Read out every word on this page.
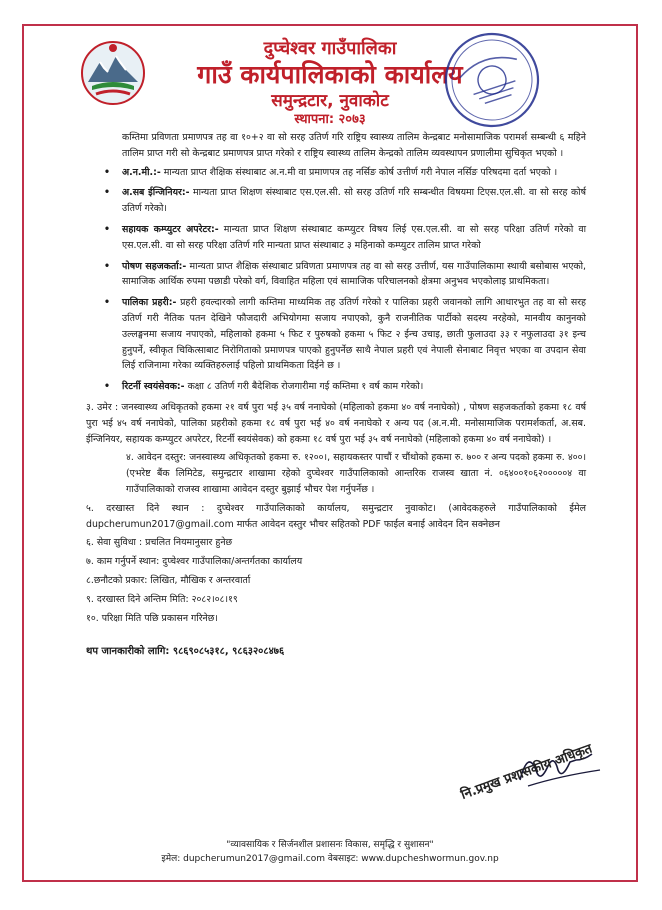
दुप्चेश्वर गाउँपालिका
गाउँ कार्यपालिकाको कार्यालय
समुन्द्रटार, नुवाकोट
स्थापना: २०७३

कम्तिमा प्रविणता प्रमाणपत्र तह वा १०+२ वा सो सरह उतिर्ण गरि राष्ट्रिय स्वास्थ्य तालिम केन्द्रबाट मनोसामाजिक परामर्श सम्बन्धी ६ महिने तालिम प्राप्त गरी सो केन्द्रबाट प्रमाणपत्र प्राप्त गरेको र राष्ट्रिय स्वास्थ्य तालिम केन्द्रको तालिम व्यवस्थापन प्रणालीमा सुचिकृत भएको ।

• अ.न.मी.:- मान्यता प्राप्त शैक्षिक संस्थाबाट अ.न.मी वा प्रमाणपत्र तह नर्सिङ कोर्ष उत्तीर्ण गरी नेपाल नर्सिङ परिषदमा दर्ता भएको ।
• अ.सब ईन्जिनियर:- मान्यता प्राप्त शिक्षण संस्थाबाट एस.एल.सी. सो सरह उतिर्ण गरि सम्बन्धीत विषयमा टिएस.एल.सी. वा सो सरह कोर्ष उतिर्ण गरेको।
• सहायक कम्प्युटर अपरेटर:- मान्यता प्राप्त शिक्षण संस्थाबाट कम्प्युटर विषय लिई एस.एल.सी. वा सो सरह परिक्षा उतिर्ण गरेको वा एस.एल.सी. वा सो सरह परिक्षा उतिर्ण गरि मान्यता प्राप्त संस्थाबाट ३ महिनाको कम्प्युटर तालिम प्राप्त गरेको
• पोषण सहजकर्ता:- मान्यता प्राप्त शैक्षिक संस्थाबाट प्रविणता प्रमाणपत्र तह वा सो सरह उत्तीर्ण, यस गाउँपालिकामा स्थायी बसोबास भएको, सामाजिक आर्थिक रुपमा पछाडी परेको वर्ग, विवाहित महिला एवं सामाजिक परिचालनको क्षेत्रमा अनुभव भएकोलाइ प्राथमिकता।
• पालिका प्रहरी:- प्रहरी हवल्दारको लागी कम्तिमा माध्यमिक तह उतिर्ण गरेको र पालिका प्रहरी जवानको लागि आधारभुत तह वा सो सरह उतिर्ण गरी नैतिक पतन देखिने फौजदारी अभियोगमा सजाय नपाएको, कुनै राजनीतिक पार्टीको सदस्य नरहेको, मानवीय कानुनको उल्लङ्घनमा सजाय नपाएको, महिलाको हकमा ५ फिट र पुरुषको हकमा ५ फिट २ ईन्च उचाइ, छाती फुलाउदा ३३ र नफुलाउदा ३१ इन्च हुनुपर्ने, स्वीकृत चिकित्साबाट निरोगिताको प्रमाणपत्र पाएको हुनुपर्नेछ साथै नेपाल प्रहरी एवं नेपाली सेनाबाट निवृत्त भएका वा उपदान सेवा लिई राजिनामा गरेका व्यक्तिहरुलाई पहिलो प्राथमिकता दिईने छ ।
• रिटर्नी स्वयंसेवक:- कक्षा ८ उतिर्ण गरी बैदेशिक रोजगारीमा गई कम्तिमा १ वर्ष काम गरेको।

३. उमेर : जनस्वास्थ्य अधिकृतको हकमा २१ वर्ष पुरा भई ३५ वर्ष ननाघेको (महिलाको हकमा ४० वर्ष ननाघेको) , पोषण सहजकर्ताको हकमा १८ वर्ष पुरा भई ४५ वर्ष ननाघेको, पालिका प्रहरीको हकमा १८ वर्ष पुरा भई ४० वर्ष ननाघेको र अन्य पद (अ.न.मी. मनोसामाजिक परामर्शकर्ता, अ.सब. ईन्जिनियर, सहायक कम्प्युटर अपरेटर, रिटर्नी स्वयंसेवक) को हकमा १८ वर्ष पुरा भई ३५ वर्ष ननाघेको (महिलाको हकमा ४० वर्ष ननाघेको) ।

४. आवेदन दस्तुर: जनस्वास्थ्य अधिकृतको हकमा रु. १२००।, सहायकस्तर पाचौं र चौंथोको हकमा रु. ७०० र अन्य पदको हकमा रु. ४००। (एभरेष्ट बैंक लिमिटेड, समुन्द्रटार शाखामा रहेको दुप्चेश्वर गाउँपालिकाको आन्तरिक राजस्व खाता नं. ०६४००१०६२०००००४ वा गाउँपालिकाको राजस्व शाखामा आवेदन दस्तुर बुझाई भौचर पेश गर्नुपर्नेछ ।

५. दरखास्त दिने स्थान : दुप्चेश्वर गाउँपालिकाको कार्यालय, समुन्द्रटार नुवाकोट। (आवेदकहरुले गाउँपालिकाको ईमेल dupcherumun2017@gmail.com मार्फत आवेदन दस्तुर भौचर सहितको PDF फाईल बनाई आवेदन दिन सक्नेछन

६. सेवा सुविधा : प्रचलित नियमानुसार हुनेछ

७. काम गर्नुपर्ने स्थान: दुप्चेश्वर गाउँपालिका/अन्तर्गतका कार्यालय

८.छनौटको प्रकार: लिखित, मौखिक र अन्तरवार्ता

९. दरखास्त दिने अन्तिम मिति: २०८२।०८।१९

१०. परिक्षा मिति पछि प्रकासन गरिनेछ।

थप जानकारीको लागि: ९८६९०८५३१८, ९८६३२०८४७६

नि.प्रमुख प्रशासकीय अधिकृत
"व्यावसायिक र सिर्जनशील प्रशासनः विकास, समृद्धि र सुशासन"
इमेल: dupcherumun2017@gmail.com वेबसाइट: www.dupcheshwormun.gov.np
